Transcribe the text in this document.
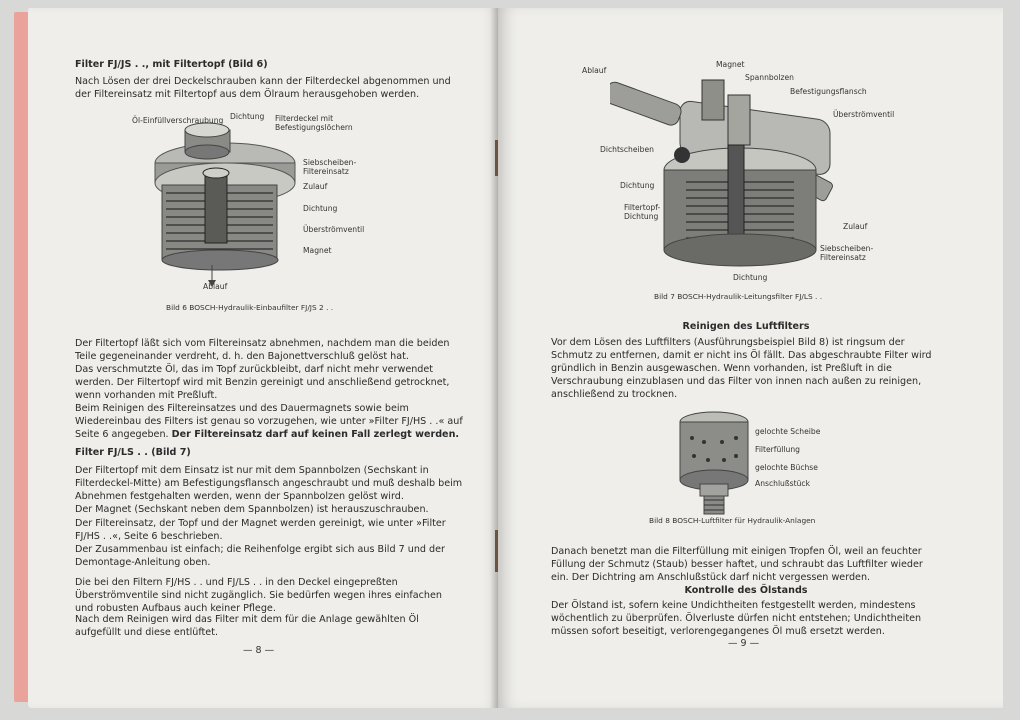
Filter FJ/JS . ., mit Filtertopf (Bild 6)
Nach Lösen der drei Deckelschrauben kann der Filterdeckel abgenommen und der Filtereinsatz mit Filtertopf aus dem Ölraum herausgehoben werden.
Öl-Einfüllverschraubung Dichtung Filterdeckel mit Befestigungslöchern
Siebscheiben-Filtereinsatz
Zulauf
Dichtung
Überströmventil
Magnet
Ablauf
Bild 6 BOSCH-Hydraulik-Einbaufilter FJ/JS 2 . .
Der Filtertopf läßt sich vom Filtereinsatz abnehmen, nachdem man die beiden Teile gegeneinander verdreht, d. h. den Bajonettverschluß gelöst hat.
Das verschmutzte Öl, das im Topf zurückbleibt, darf nicht mehr verwendet werden. Der Filtertopf wird mit Benzin gereinigt und anschließend getrocknet, wenn vorhanden mit Preßluft.
Beim Reinigen des Filtereinsatzes und des Dauermagnets sowie beim Wiedereinbau des Filters ist genau so vorzugehen, wie unter »Filter FJ/HS . .« auf Seite 6 angegeben. Der Filtereinsatz darf auf keinen Fall zerlegt werden.
Filter FJ/LS . . (Bild 7)
Der Filtertopf mit dem Einsatz ist nur mit dem Spannbolzen (Sechskant in Filterdeckel-Mitte) am Befestigungsflansch angeschraubt und muß deshalb beim Abnehmen festgehalten werden, wenn der Spannbolzen gelöst wird.
Der Magnet (Sechskant neben dem Spannbolzen) ist herauszuschrauben.
Der Filtereinsatz, der Topf und der Magnet werden gereinigt, wie unter »Filter FJ/HS . .«, Seite 6 beschrieben.
Der Zusammenbau ist einfach; die Reihenfolge ergibt sich aus Bild 7 und der Demontage-Anleitung oben.
Die bei den Filtern FJ/HS . . und FJ/LS . . in den Deckel eingepreßten Überströmventile sind nicht zugänglich. Sie bedürfen wegen ihres einfachen und robusten Aufbaus auch keiner Pflege.
Nach dem Reinigen wird das Filter mit dem für die Anlage gewählten Öl aufgefüllt und diese entlüftet.
— 8 —
Ablauf
Magnet
Spannbolzen
Befestigungsflansch
Überströmventil
Dichtscheiben
Dichtung
Filtertopf-Dichtung
Zulauf
Siebscheiben-Filtereinsatz
Dichtung
Bild 7 BOSCH-Hydraulik-Leitungsfilter FJ/LS . .
Reinigen des Luftfilters
Vor dem Lösen des Luftfilters (Ausführungsbeispiel Bild 8) ist ringsum der Schmutz zu entfernen, damit er nicht ins Öl fällt. Das abgeschraubte Filter wird gründlich in Benzin ausgewaschen. Wenn vorhanden, ist Preßluft in die Verschraubung einzublasen und das Filter von innen nach außen zu reinigen, anschließend zu trocknen.
gelochte Scheibe
Filterfüllung
gelochte Büchse
Anschlußstück
Bild 8 BOSCH-Luftfilter für Hydraulik-Anlagen
Danach benetzt man die Filterfüllung mit einigen Tropfen Öl, weil an feuchter Füllung der Schmutz (Staub) besser haftet, und schraubt das Luftfilter wieder ein. Der Dichtring am Anschlußstück darf nicht vergessen werden.
Kontrolle des Ölstands
Der Ölstand ist, sofern keine Undichtheiten festgestellt werden, mindestens wöchentlich zu überprüfen. Ölverluste dürfen nicht entstehen; Undichtheiten müssen sofort beseitigt, verlorengegangenes Öl muß ersetzt werden.
— 9 —
